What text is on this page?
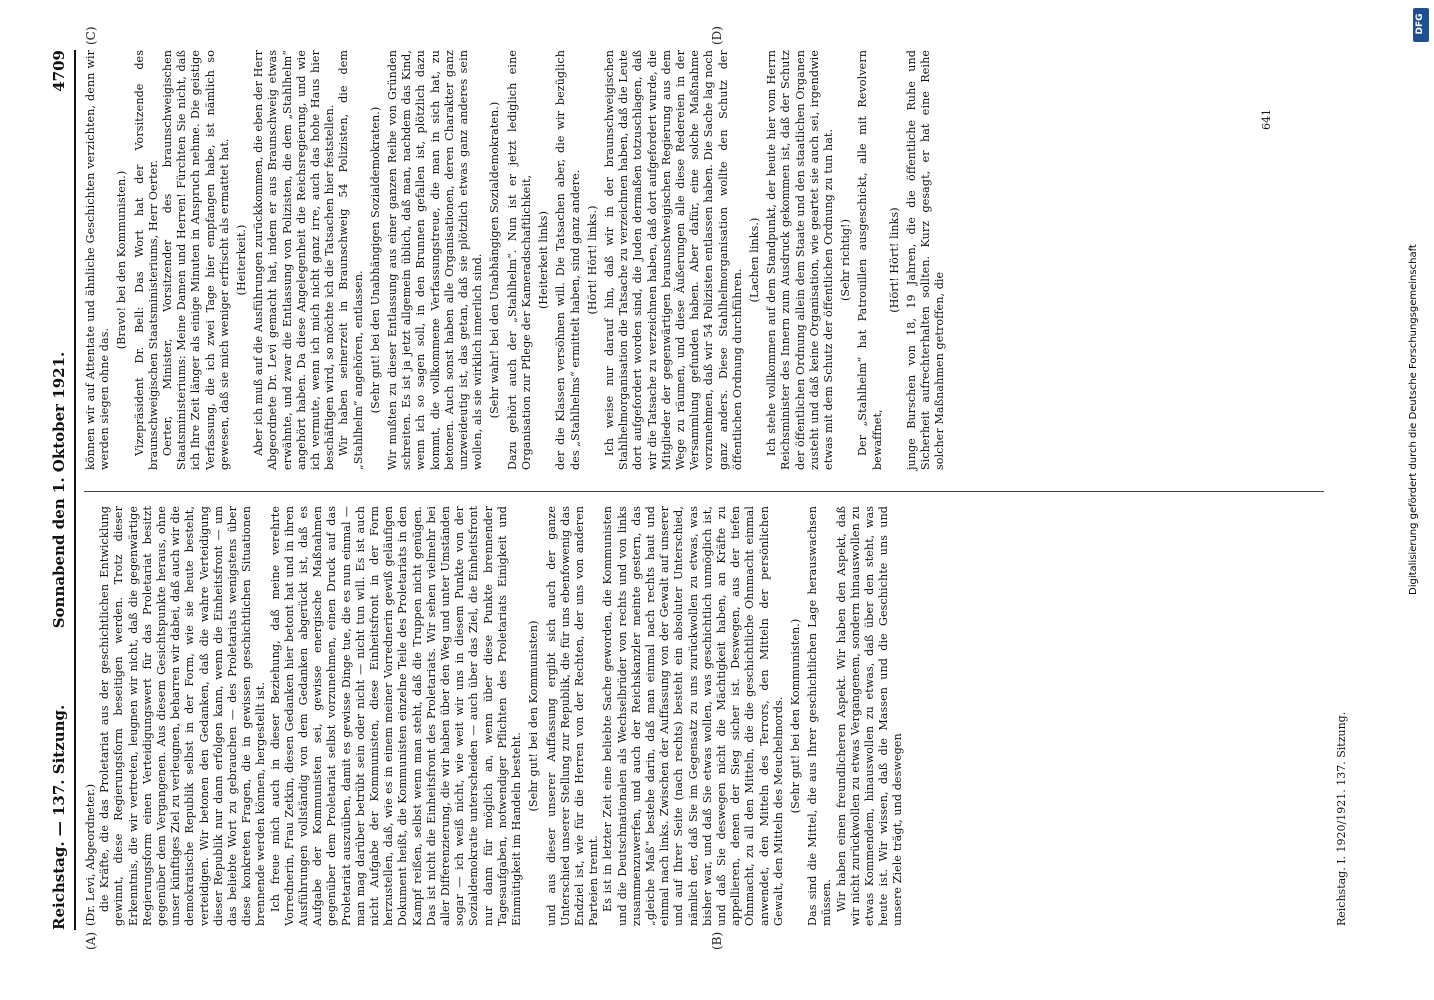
Reichstag. — 137. Sitzung.
Sonnabend den 1. Oktober 1921.
4709
(A)	(B)
(C)	(D)

(Dr. Levi, Abgeordneter.) die Kräfte, die das Proletariat aus der geschichtlichen Entwicklung gewinnt, diese Regierungsform beseitigen werden. Trotz dieser Erkenntnis, die wir vertreten, leugnen wir nicht, daß die gegenwärtige Regierungsform einen Verteidigungswert für das Proletariat besitzt gegenüber dem Vergangenen. Aus diesem Gesichtspunkte heraus, ohne unser künftiges Ziel zu verleugnen, beharren wir dabei, daß auch wir die demokratische Republik selbst in der Form, wie sie heute besteht, verteidigen. Wir betonen den Gedanken, daß die wahre Verteidigung dieser Republik nur dann erfolgen kann, wenn die Einheitsfront — um das beliebte Wort zu gebrauchen — des Proletariats wenigstens über diese konkreten Fragen, die in gewissen geschichtlichen Situationen brennende werden können, hergestellt ist. Ich freue mich auch in dieser Beziehung, daß meine verehrte Vorrednerin, Frau Zetkin, diesen Gedanken hier betont hat und in ihren Ausführungen vollständig von dem Gedanken abgerückt ist, daß es Aufgabe der Kommunisten sei, gewisse energische Maßnahmen gegenüber dem Proletariat selbst vorzunehmen, einen Druck auf das Proletariat auszuüben, damit es gewisse Dinge tue, die es nun einmal — man mag darüber betrübt sein oder nicht — nicht tun will. Es ist auch nicht Aufgabe der Kommunisten, diese Einheitsfront in der Form herzustellen, daß, wie es in einem meiner Vorrednerin gewiß geläufigen Dokument heißt, die Kommunisten einzelne Teile des Proletariats in den Kampf reißen, selbst wenn man steht, daß die Truppen nicht genügen. Das ist nicht die Einheitsfront des Proletariats. Wir sehen vielmehr bei aller Differenzierung, die wir haben über den Weg und unter Umständen sogar — ich weiß nicht, wie weit wir uns in diesem Punkte von der Sozialdemokratie unterscheiden — auch über das Ziel, die Einheitsfront nur dann für möglich an, wenn über diese Punkte brennender Tagesaufgaben, notwendiger Pflichten des Proletariats Einigkeit und Einmütigkeit im Handeln besteht.

(Sehr gut! bei den Kommunisten) und aus dieser unserer Auffassung ergibt sich auch der ganze Unterschied unserer Stellung zur Republik, die für uns ebenfowenig das Endziel ist, wie für die Herren von der Rechten, der uns von anderen Parteien trennt. Es ist in letzter Zeit eine beliebte Sache geworden, die Kommunisten und die Deutschnationalen als Wechselbrüder von rechts und von links zusammenzuwerfen, und auch der Reichskanzler meinte gestern, das „gleiche Maß“ bestehe darin, daß man einmal nach rechts haut und einmal nach links. Zwischen der Auffassung von der Gewalt auf unserer und auf Ihrer Seite (nach rechts) besteht ein absoluter Unterschied, nämlich der, daß Sie im Gegensatz zu uns zurückwollen zu etwas, was bisher war, und daß Sie etwas wollen, was geschichtlich unmöglich ist, und daß Sie deswegen nicht die Mächtigkeit haben, an Kräfte zu appellieren, denen der Sieg sicher ist. Deswegen, aus der tiefen Ohnmacht, zu all den Mitteln, die die geschichtliche Ohnmacht einmal anwendet, den Mitteln des Terrors, den Mitteln der persönlichen Gewalt, den Mitteln des Meuchelmords. (Sehr gut! bei den Kommunisten.) Das sind die Mittel, die aus Ihrer geschichtlichen Lage herauswachsen müssen. Wir haben einen freundlicheren Aspekt. Wir haben den Aspekt, daß wir nicht zurückwollen zu etwas Vergangenem, sondern hinauswollen zu etwas Kommendem, hinauswollen zu etwas, daß über den steht, was heute ist. Wir wissen, daß die Massen und die Geschichte uns und unsere Ziele trägt, und deswegen

können wir auf Attentate und ähnliche Geschichten verzichten, denn wir werden siegen ohne das.

(Bravo! bei den Kommunisten.) Vizepräsident Dr. Bell: Das Wort hat der Vorsitzende des braunschweigischen Staatsministeriums, Herr Oerter. Oerter, Minister, Vorsitzender des braunschweigischen Staatsministeriums: Meine Damen und Herren! Fürchten Sie nicht, daß ich Ihre Zeit länger als einige Minuten in Anspruch nehme. Die geistige Verfassung, die ich zwei Tage hier empfangen habe, ist nämlich so gewesen, daß sie mich weniger erfrischt als ermattet hat. (Heiterkeit.) Aber ich muß auf die Ausführungen zurückkommen, die eben der Herr Abgeordnete Dr. Levi gemacht hat, indem er aus Braunschweig etwas erwähnte, und zwar die Entlassung von Polizisten, die dem „Stahlhelm“ angehört haben. Da diese Angelegenheit die Reichsregierung, und wie ich vermute, wenn ich mich nicht ganz irre, auch das hohe Haus hier beschäftigen wird, so möchte ich die Tatsachen hier feststellen. Wir haben seinerzeit in Braunschweig 54 Polizisten, die dem „Stahlhelm“ angehören, entlassen. (Sehr gut! bei den Unabhängigen Sozialdemokraten.) Wir mußten zu dieser Entlassung aus einer ganzen Reihe von Gründen schreiten. Es ist ja jetzt allgemein üblich, daß man, nachdem das Kind, wenn ich so sagen soll, in den Brunnen gefallen ist, plötzlich dazu kommt, die vollkommene Verfassungstreue, die man in sich hat, zu betonen. Auch sonst haben alle Organisationen, deren Charakter ganz unzweideutig ist, das getan, daß sie plötzlich etwas ganz anderes sein wollen, als sie wirklich innerlich sind. (Sehr wahr! bei den Unabhängigen Sozialdemokraten.) Dazu gehört auch der „Stahlhelm“. Nun ist er jetzt lediglich eine Organisation zur Pflege der Kameradschaftlichkeit, (Heiterkeit links) der die Klassen versöhnen will. Die Tatsachen aber, die wir bezüglich des „Stahlhelms“ ermittelt haben, sind ganz andere. (Hört! Hört! links.) Ich weise nur darauf hin, daß wir in der braunschweigischen Stahlhelmorganisation die Tatsache zu verzeichnen haben, daß die Leute dort aufgefordert worden sind, die Juden dermaßen totzuschlagen, daß wir die Tatsache zu verzeichnen haben, daß dort aufgefordert wurde, die Mitglieder der gegenwärtigen braunschweigischen Regierung aus dem Wege zu räumen, und diese Äußerungen alle diese Redereien in der Versammlung gefunden haben. Aber dafür, eine solche Maßnahme vorzunehmen, daß wir 54 Polizisten entlassen haben. Die Sache lag noch ganz anders. Diese Stahlhelmorganisation wollte den Schutz der öffentlichen Ordnung durchführen.

(Lachen links.) Ich stehe vollkommen auf dem Standpunkt, der heute hier vom Herrn Reichsminister des Innern zum Ausdruck gekommen ist, daß der Schutz der öffentlichen Ordnung allein dem Staate und den staatlichen Organen zusteht und daß keine Organisation, wie geartet sie auch sei, irgendwie etwas mit dem Schutz der öffentlichen Ordnung zu tun hat. (Sehr richtig!) Der „Stahlhelm“ hat Patrouillen ausgeschickt, alle mit Revolvern bewaffnet,

(Hört! Hört! links) junge Burschen von 18, 19 Jahren, die die öffentliche Ruhe und Sicherheit aufrechterhalten sollten. Kurz gesagt, er hat eine Reihe solcher Maßnahmen getroffen, die

641
Reichstag. I. 1920/1921. 137. Sitzung.
DFG
Digitalisierung gefördert durch die Deutsche Forschungsgemeinschaft
